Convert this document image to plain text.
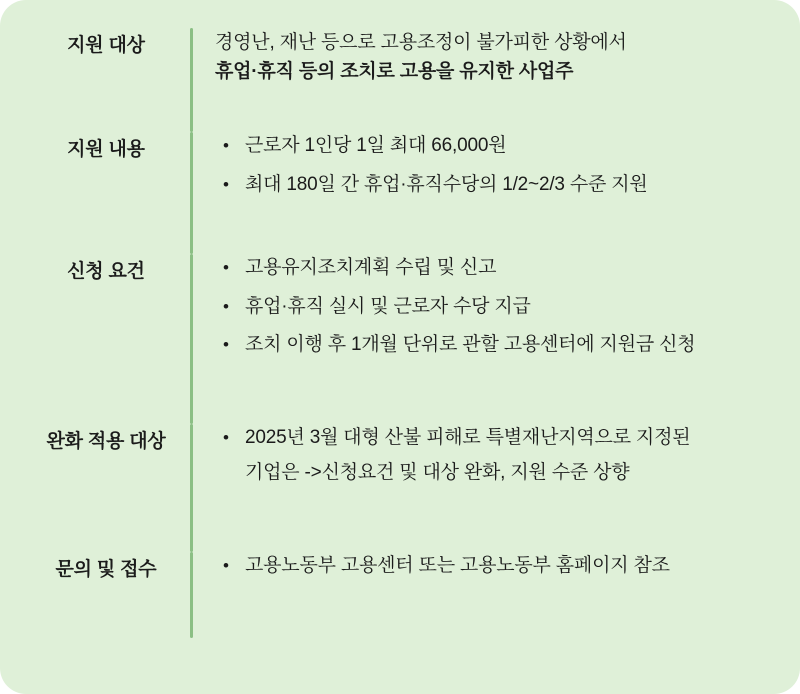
지원 대상	경영난, 재난 등으로 고용조정이 불가피한 상황에서
휴업·휴직 등의 조치로 고용을 유지한 사업주
지원 내용	• 근로자 1인당 1일 최대 66,000원
• 최대 180일 간 휴업·휴직수당의 1/2~2/3 수준 지원
신청 요건	• 고용유지조치계획 수립 및 신고
• 휴업·휴직 실시 및 근로자 수당 지급
• 조치 이행 후 1개월 단위로 관할 고용센터에 지원금 신청
완화 적용 대상	• 2025년 3월 대형 산불 피해로 특별재난지역으로 지정된
기업은 ->신청요건 및 대상 완화, 지원 수준 상향
문의 및 접수	• 고용노동부 고용센터 또는 고용노동부 홈페이지 참조
